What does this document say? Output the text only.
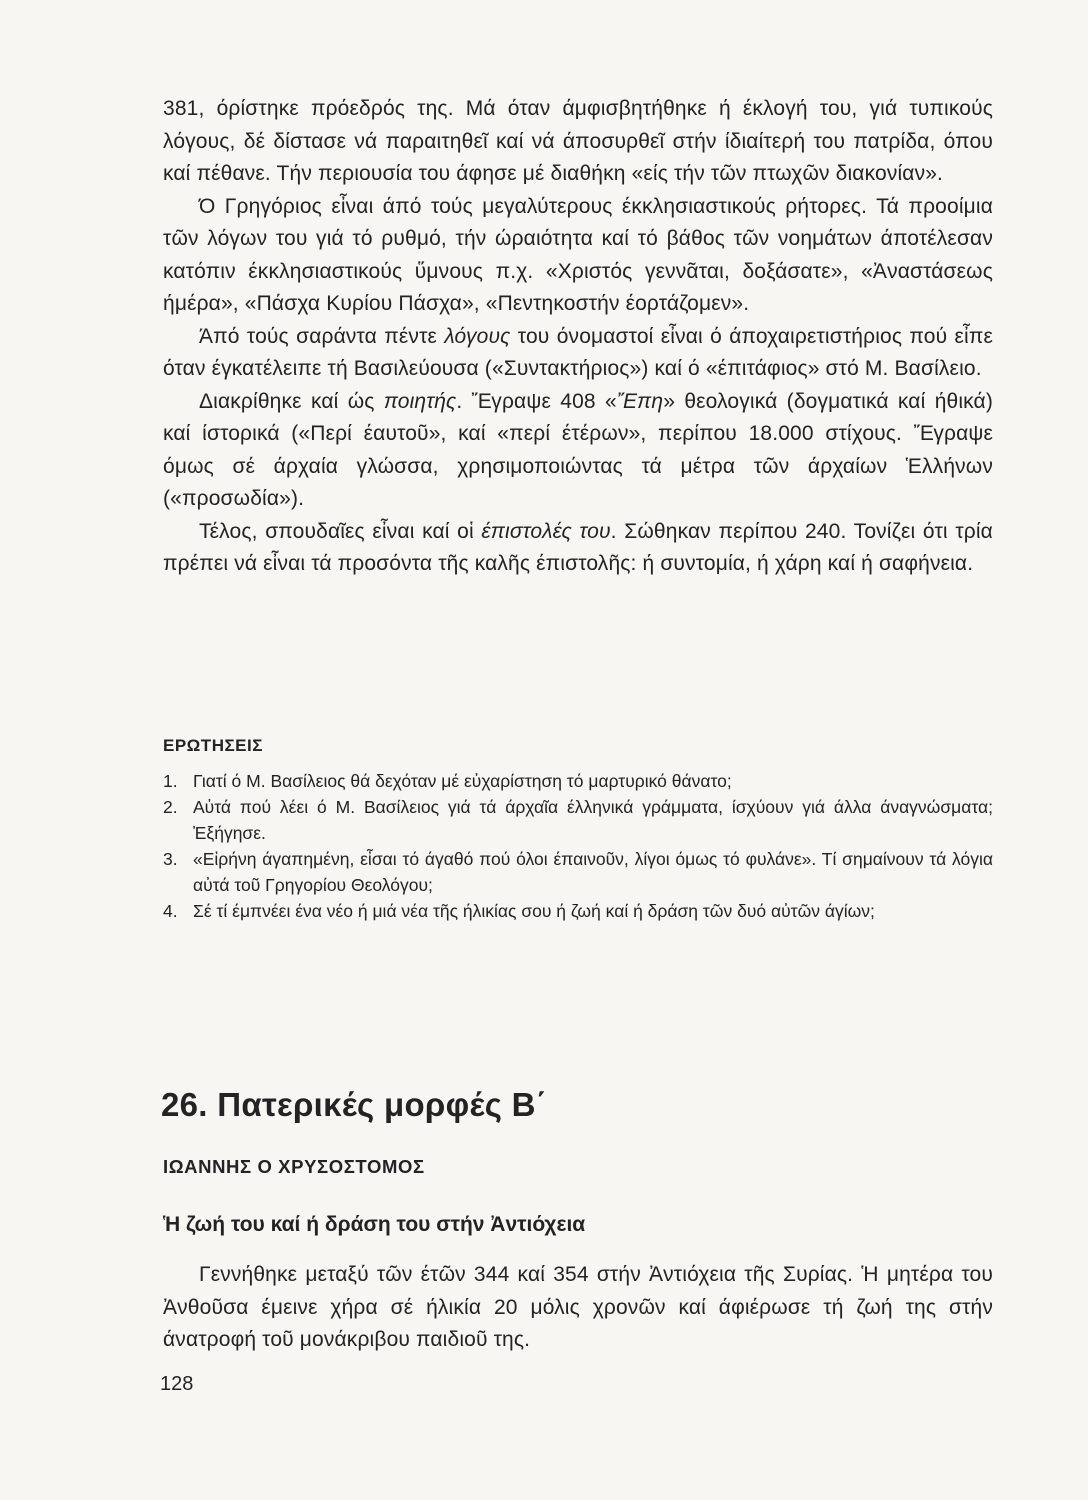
381, όρίστηκε πρόεδρός της. Μά όταν άμφισβητήθηκε ή έκλογή του, γιά τυπικούς λόγους, δέ δίστασε νά παραιτηθεῖ καί νά άποσυρθεῖ στήν ίδιαίτερή του πατρίδα, όπου καί πέθανε. Τήν περιουσία του άφησε μέ διαθήκη «είς τήν τῶν πτωχῶν διακονίαν».

Ό Γρηγόριος εἶναι άπό τούς μεγαλύτερους έκκλησιαστικούς ρήτορες. Τά προοίμια τῶν λόγων του γιά τό ρυθμό, τήν ώραιότητα καί τό βάθος τῶν νοημάτων άποτέλεσαν κατόπιν έκκλησιαστικούς ὕμνους π.χ. «Χριστός γεννᾶται, δοξάσατε», «Ἀναστάσεως ήμέρα», «Πάσχα Κυρίου Πάσχα», «Πεντηκοστήν έορτάζομεν».

Άπό τούς σαράντα πέντε λόγους του όνομαστοί εἶναι ό άποχαιρετιστήριος πού εἶπε όταν έγκατέλειπε τή Βασιλεύουσα («Συντακτήριος») καί ό «έπιτάφιος» στό Μ. Βασίλειο.

Διακρίθηκε καί ώς ποιητής. Ἔγραψε 408 «Ἔπη» θεολογικά (δογματικά καί ήθικά) καί ίστορικά («Περί έαυτοῦ», καί «περί έτέρων», περίπου 18.000 στίχους. Ἔγραψε όμως σέ άρχαία γλώσσα, χρησιμοποιώντας τά μέτρα τῶν άρχαίων Ἑλλήνων («προσωδία»).

Τέλος, σπουδαῖες εἶναι καί οἱ έπιστολές του. Σώθηκαν περίπου 240. Τονίζει ότι τρία πρέπει νά εἶναι τά προσόντα τῆς καλῆς έπιστολῆς: ή συντομία, ή χάρη καί ή σαφήνεια.

ΕΡΩΤΗΣΕΙΣ
1. Γιατί ό Μ. Βασίλειος θά δεχόταν μέ εὐχαρίστηση τό μαρτυρικό θάνατο;
2. Αὐτά πού λέει ό Μ. Βασίλειος γιά τά άρχαῖα έλληνικά γράμματα, ίσχύουν γιά άλλα άναγνώσματα; Ἐξήγησε.
3. «Εἰρήνη άγαπημένη, εἶσαι τό άγαθό πού όλοι έπαινοῦν, λίγοι όμως τό φυλάνε». Τί σημαίνουν τά λόγια αὐτά τοῦ Γρηγορίου Θεολόγου;
4. Σέ τί έμπνέει ένα νέο ή μιά νέα τῆς ήλικίας σου ή ζωή καί ή δράση τῶν δυό αὐτῶν άγίων;
26. Πατερικές μορφές Β΄
ΙΩΑΝΝΗΣ Ο ΧΡΥΣΟΣΤΟΜΟΣ
Ἡ ζωή του καί ή δράση του στήν Ἀντιόχεια

Γεννήθηκε μεταξύ τῶν έτῶν 344 καί 354 στήν Ἀντιόχεια τῆς Συρίας. Ἡ μητέρα του Ἀνθοῦσα έμεινε χήρα σέ ήλικία 20 μόλις χρονῶν καί άφιέρωσε τή ζωή της στήν άνατροφή τοῦ μονάκριβου παιδιοῦ της.

128
